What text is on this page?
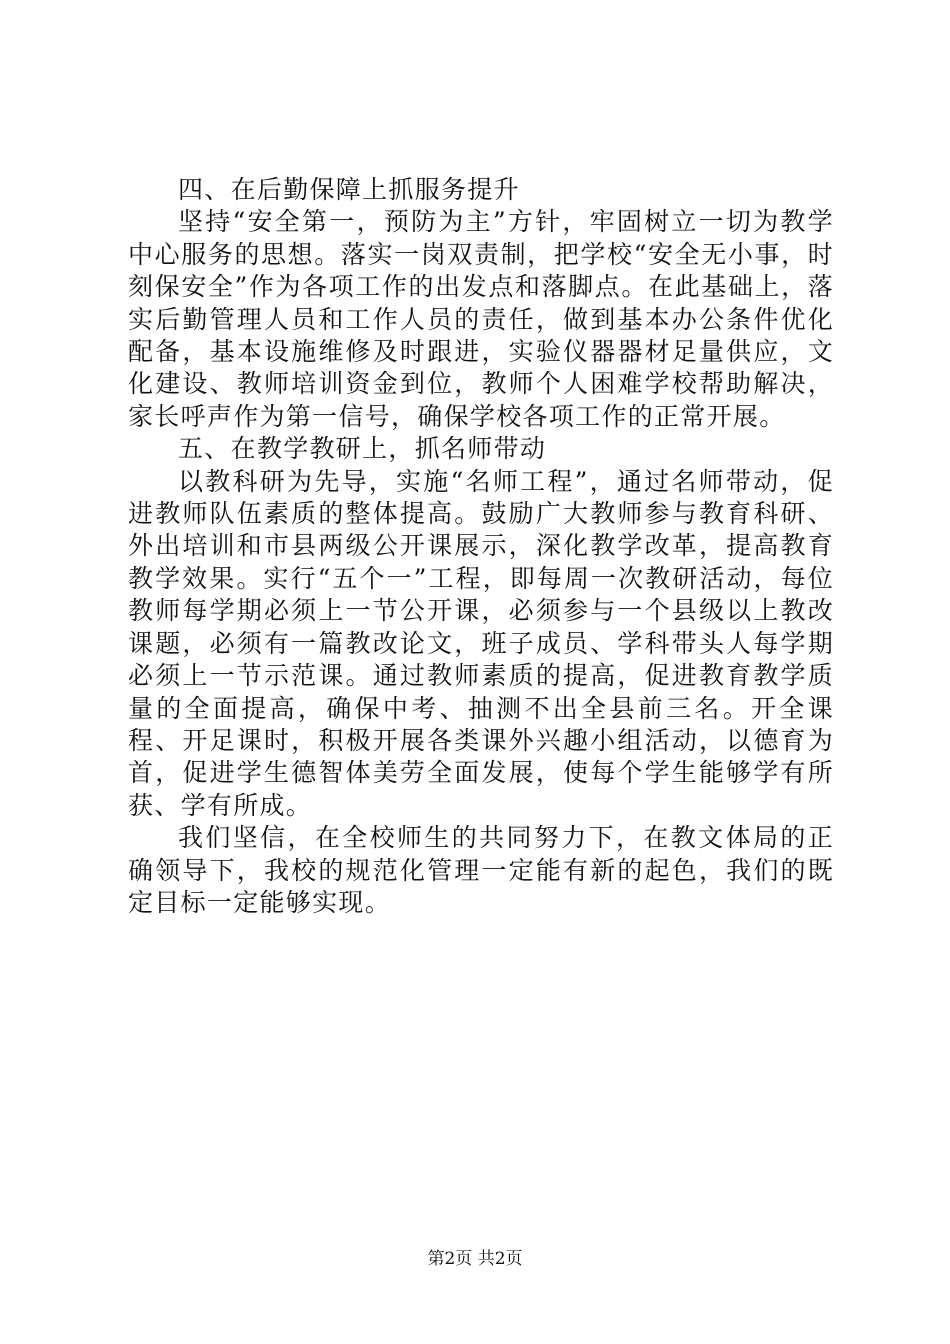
四、在后勤保障上抓服务提升

坚持“安全第一，预防为主”方针，牢固树立一切为教学中心服务的思想。落实一岗双责制，把学校“安全无小事，时刻保安全”作为各项工作的出发点和落脚点。在此基础上，落实后勤管理人员和工作人员的责任，做到基本办公条件优化配备，基本设施维修及时跟进，实验仪器器材足量供应，文化建设、教师培训资金到位，教师个人困难学校帮助解决，家长呼声作为第一信号，确保学校各项工作的正常开展。

五、在教学教研上，抓名师带动

以教科研为先导，实施“名师工程”，通过名师带动，促进教师队伍素质的整体提高。鼓励广大教师参与教育科研、外出培训和市县两级公开课展示，深化教学改革，提高教育教学效果。实行“五个一”工程，即每周一次教研活动，每位教师每学期必须上一节公开课，必须参与一个县级以上教改课题，必须有一篇教改论文，班子成员、学科带头人每学期必须上一节示范课。通过教师素质的提高，促进教育教学质量的全面提高，确保中考、抽测不出全县前三名。开全课程、开足课时，积极开展各类课外兴趣小组活动，以德育为首，促进学生德智体美劳全面发展，使每个学生能够学有所获、学有所成。

我们坚信，在全校师生的共同努力下，在教文体局的正确领导下，我校的规范化管理一定能有新的起色，我们的既定目标一定能够实现。

第2页 共2页
